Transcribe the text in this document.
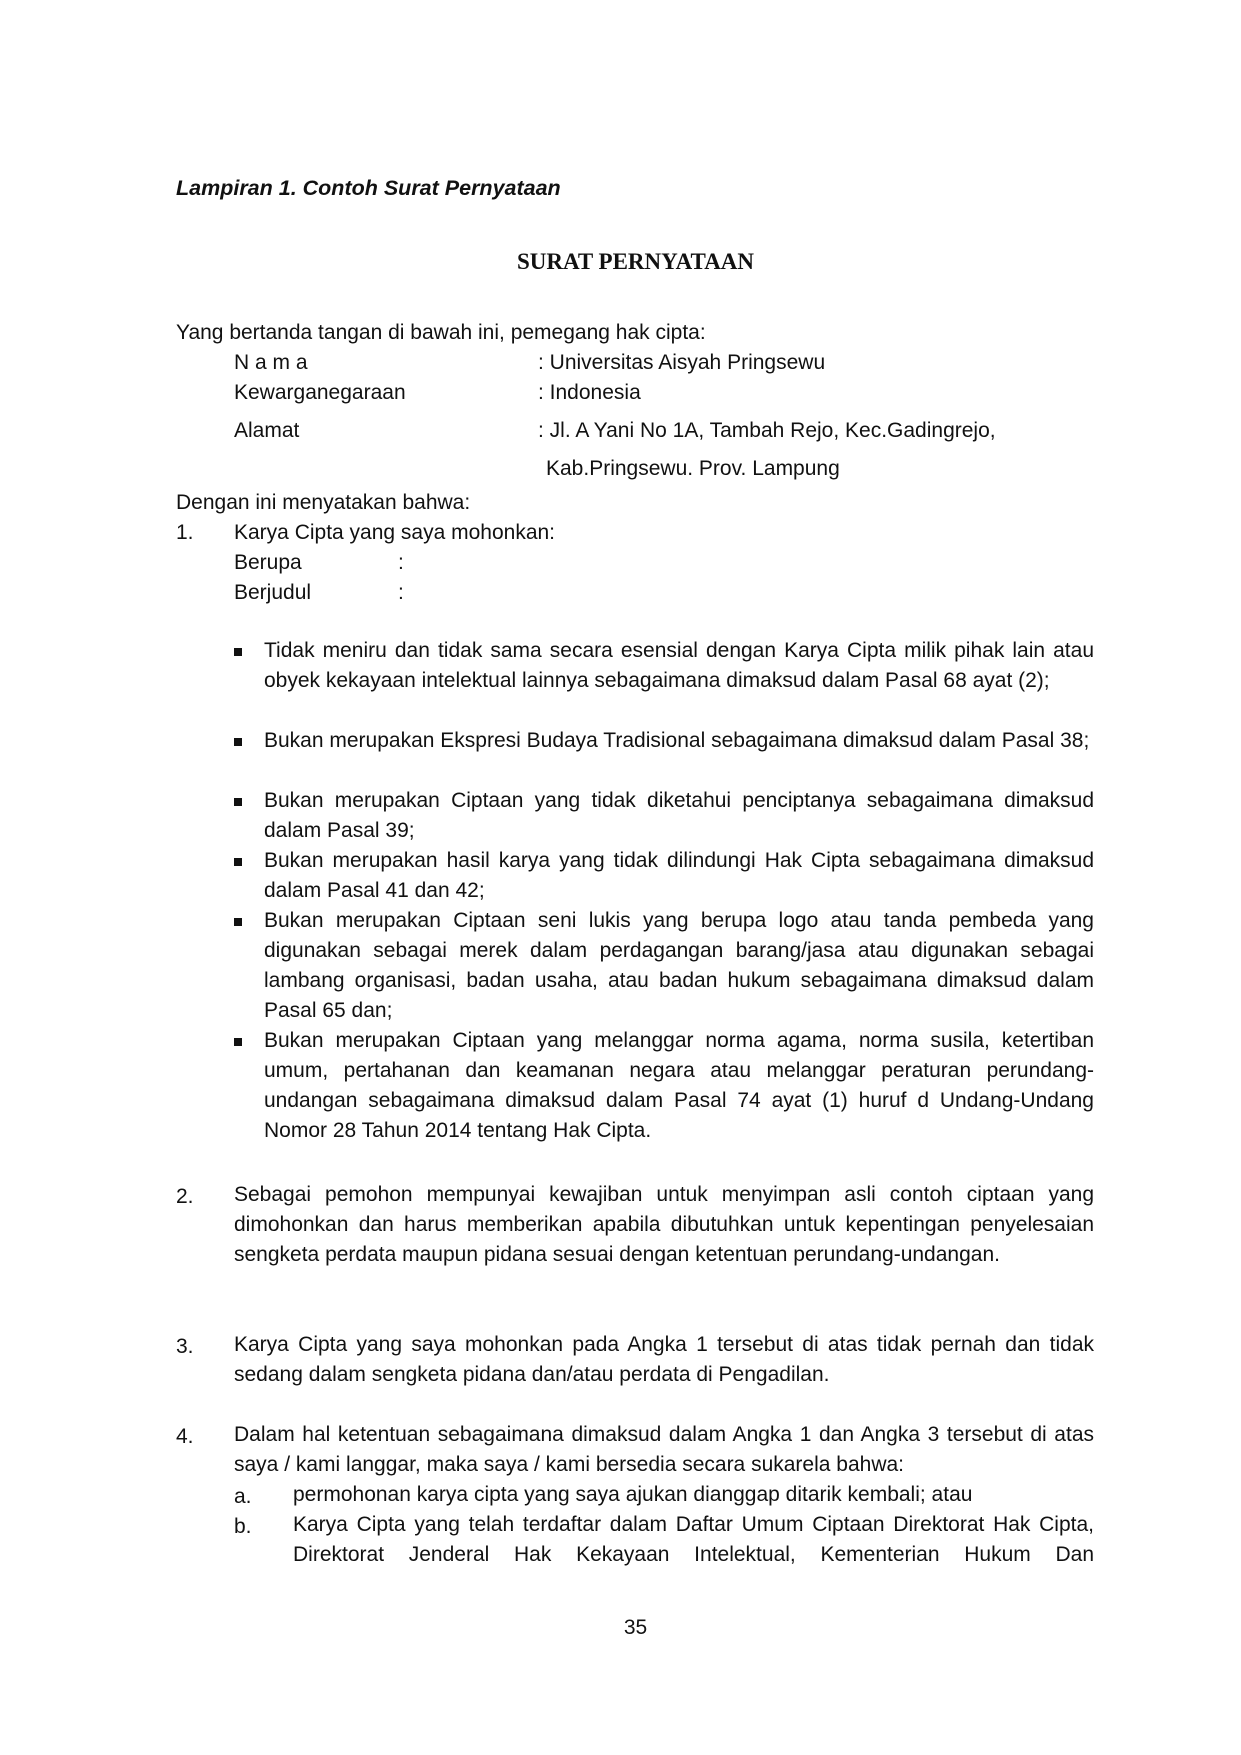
Lampiran 1. Contoh Surat Pernyataan
SURAT PERNYATAAN
Yang bertanda tangan di bawah ini, pemegang hak cipta:
N a m a	: Universitas Aisyah Pringsewu
Kewarganegaraan	: Indonesia
Alamat	: Jl. A Yani No 1A, Tambah Rejo, Kec.Gadingrejo,
Kab.Pringsewu. Prov. Lampung
Dengan ini menyatakan bahwa:
1. Karya Cipta yang saya mohonkan:
Berupa	:
Berjudul	:
Tidak meniru dan tidak sama secara esensial dengan Karya Cipta milik pihak lain atau obyek kekayaan intelektual lainnya sebagaimana dimaksud dalam Pasal 68 ayat (2);
Bukan merupakan Ekspresi Budaya Tradisional sebagaimana dimaksud dalam Pasal 38;
Bukan merupakan Ciptaan yang tidak diketahui penciptanya sebagaimana dimaksud dalam Pasal 39;
Bukan merupakan hasil karya yang tidak dilindungi Hak Cipta sebagaimana dimaksud dalam Pasal 41 dan 42;
Bukan merupakan Ciptaan seni lukis yang berupa logo atau tanda pembeda yang digunakan sebagai merek dalam perdagangan barang/jasa atau digunakan sebagai lambang organisasi, badan usaha, atau badan hukum sebagaimana dimaksud dalam Pasal 65 dan;
Bukan merupakan Ciptaan yang melanggar norma agama, norma susila, ketertiban umum, pertahanan dan keamanan negara atau melanggar peraturan perundang-undangan sebagaimana dimaksud dalam Pasal 74 ayat (1) huruf d Undang-Undang Nomor 28 Tahun 2014 tentang Hak Cipta.
2. Sebagai pemohon mempunyai kewajiban untuk menyimpan asli contoh ciptaan yang dimohonkan dan harus memberikan apabila dibutuhkan untuk kepentingan penyelesaian sengketa perdata maupun pidana sesuai dengan ketentuan perundang-undangan.
3. Karya Cipta yang saya mohonkan pada Angka 1 tersebut di atas tidak pernah dan tidak sedang dalam sengketa pidana dan/atau perdata di Pengadilan.
4. Dalam hal ketentuan sebagaimana dimaksud dalam Angka 1 dan Angka 3 tersebut di atas saya / kami langgar, maka saya / kami bersedia secara sukarela bahwa:
a. permohonan karya cipta yang saya ajukan dianggap ditarik kembali; atau
b. Karya Cipta yang telah terdaftar dalam Daftar Umum Ciptaan Direktorat Hak Cipta, Direktorat Jenderal Hak Kekayaan Intelektual, Kementerian Hukum Dan
35
